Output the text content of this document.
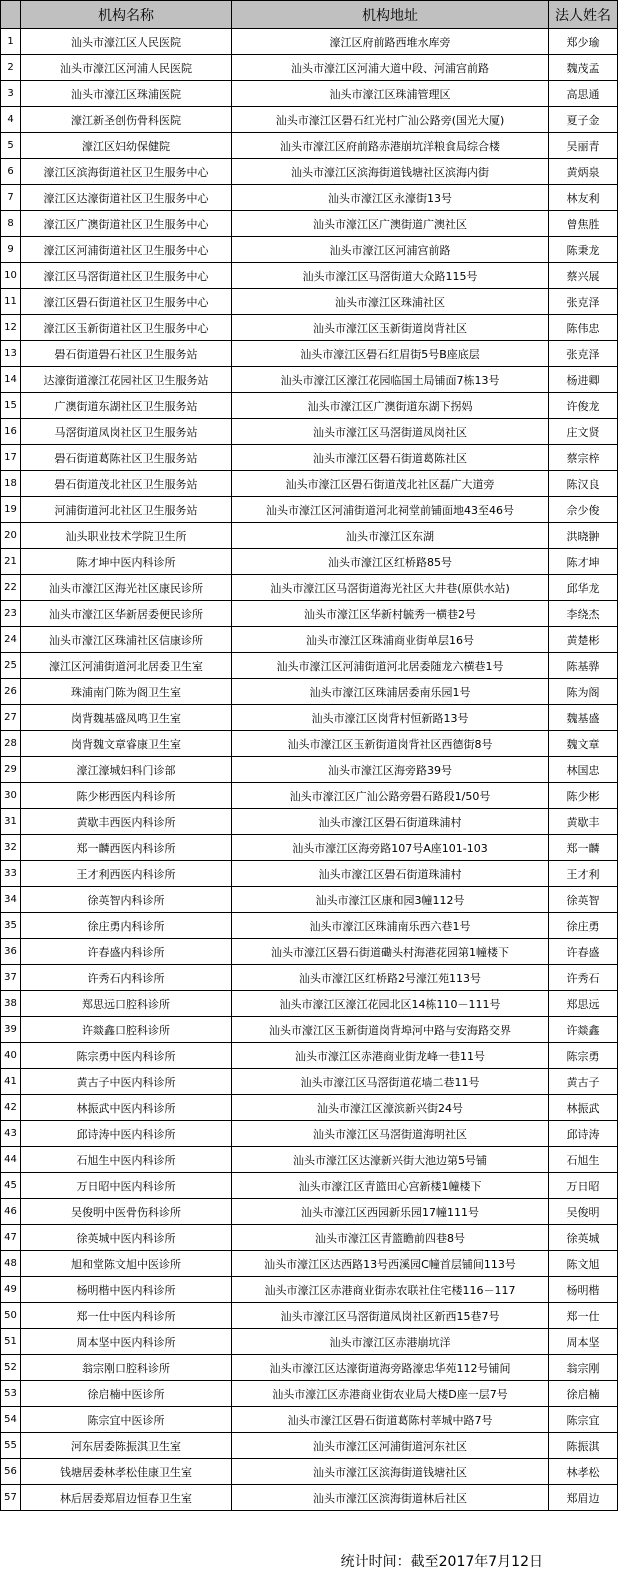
	机构名称	机构地址	法人姓名
1	汕头市濠江区人民医院	濠江区府前路西堆水库旁	郑少瑜
2	汕头市濠江区河浦人民医院	汕头市濠江区河浦大道中段、河浦宫前路	魏茂孟
3	汕头市濠江区珠浦医院	汕头市濠江区珠浦管理区	高思通
4	濠江新圣创伤骨科医院	汕头市濠江区礐石红光村广汕公路旁(国光大厦)	夏子金
5	濠江区妇幼保健院	汕头市濠江区府前路赤港崩坑洋粮食局综合楼	吴丽青
6	濠江区滨海街道社区卫生服务中心	汕头市濠江区滨海街道钱塘社区滨海内街	黄炳泉
7	濠江区达濠街道社区卫生服务中心	汕头市濠江区永濠街13号	林友利
8	濠江区广澳街道社区卫生服务中心	汕头市濠江区广澳街道广澳社区	曾焦胜
9	濠江区河浦街道社区卫生服务中心	汕头市濠江区河浦宫前路	陈秉龙
10	濠江区马滘街道社区卫生服务中心	汕头市濠江区马滘街道大众路115号	蔡兴展
11	濠江区礐石街道社区卫生服务中心	汕头市濠江区珠浦社区	张克泽
12	濠江区玉新街道社区卫生服务中心	汕头市濠江区玉新街道岗背社区	陈伟忠
13	礐石街道礐石社区卫生服务站	汕头市濠江区礐石红眉街5号B座底层	张克泽
14	达濠街道濠江花园社区卫生服务站	汕头市濠江区濠江花园临国土局铺面7栋13号	杨进卿
15	广澳街道东湖社区卫生服务站	汕头市濠江区广澳街道东湖下拐妈	许俊龙
16	马滘街道凤岗社区卫生服务站	汕头市濠江区马滘街道凤岗社区	庄文贤
17	礐石街道葛陈社区卫生服务站	汕头市濠江区礐石街道葛陈社区	蔡宗梓
18	礐石街道茂北社区卫生服务站	汕头市濠江区礐石街道茂北社区磊广大道旁	陈汉良
19	河浦街道河北社区卫生服务站	汕头市濠江区河浦街道河北祠堂前铺面地43至46号	佘少俊
20	汕头职业技术学院卫生所	汕头市濠江区东湖	洪晓翀
21	陈才坤中医内科诊所	汕头市濠江区红桥路85号	陈才坤
22	汕头市濠江区海光社区康民诊所	汕头市濠江区马滘街道海光社区大井巷(原供水站)	邱华龙
23	汕头市濠江区华新居委便民诊所	汕头市濠江区华新村毓秀一横巷2号	李绕杰
24	汕头市濠江区珠浦社区信康诊所	汕头市濠江区珠浦商业街单层16号	黄楚彬
25	濠江区河浦街道河北居委卫生室	汕头市濠江区河浦街道河北居委随龙六横巷1号	陈基骅
26	珠浦南门陈为阁卫生室	汕头市濠江区珠浦居委南乐园1号	陈为阁
27	岗背魏基盛凤鸣卫生室	汕头市濠江区岗背村恒新路13号	魏基盛
28	岗背魏文章睿康卫生室	汕头市濠江区玉新街道岗背社区西德街8号	魏文章
29	濠江濠城妇科门诊部	汕头市濠江区海旁路39号	林国忠
30	陈少彬西医内科诊所	汕头市濠江区广汕公路旁礐石路段1/50号	陈少彬
31	黄歇丰西医内科诊所	汕头市濠江区礐石街道珠浦村	黄歇丰
32	郑一麟西医内科诊所	汕头市濠江区海旁路107号A座101-103	郑一麟
33	王才利西医内科诊所	汕头市濠江区礐石街道珠浦村	王才利
34	徐英智内科诊所	汕头市濠江区康和园3幢112号	徐英智
35	徐庄勇内科诊所	汕头市濠江区珠浦南乐西六巷1号	徐庄勇
36	许春盛内科诊所	汕头市濠江区礐石街道磡头村海港花园第1幢楼下	许春盛
37	许秀石内科诊所	汕头市濠江区红桥路2号濠江苑113号	许秀石
38	郑思远口腔科诊所	汕头市濠江区濠江花园北区14栋110－111号	郑思远
39	许燚鑫口腔科诊所	汕头市濠江区玉新街道岗背埠河中路与安海路交界	许燚鑫
40	陈宗勇中医内科诊所	汕头市濠江区赤港商业街龙峰一巷11号	陈宗勇
41	黄古子中医内科诊所	汕头市濠江区马滘街道花墙二巷11号	黄古子
42	林振武中医内科诊所	汕头市濠江区濠滨新兴街24号	林振武
43	邱诗涛中医内科诊所	汕头市濠江区马滘街道海明社区	邱诗涛
44	石旭生中医内科诊所	汕头市濠江区达濠新兴街大池边第5号铺	石旭生
45	万日昭中医内科诊所	汕头市濠江区青篮田心宫新楼1幢楼下	万日昭
46	吴俊明中医骨伤科诊所	汕头市濠江区西园新乐园17幢111号	吴俊明
47	徐英城中医内科诊所	汕头市濠江区青篮瞻前四巷8号	徐英城
48	旭和堂陈文旭中医诊所	汕头市濠江区达西路13号西溪园C幢首层铺间113号	陈文旭
49	杨明楷中医内科诊所	汕头市濠江区赤港商业街赤农联社住宅楼116－117	杨明楷
50	郑一仕中医内科诊所	汕头市濠江区马滘街道凤岗社区新西15巷7号	郑一仕
51	周本坚中医内科诊所	汕头市濠江区赤港崩坑洋	周本坚
52	翁宗刚口腔科诊所	汕头市濠江区达濠街道海旁路濠忠华苑112号铺间	翁宗刚
53	徐启楠中医诊所	汕头市濠江区赤港商业街农业局大楼D座一层7号	徐启楠
54	陈宗宜中医诊所	汕头市濠江区礐石街道葛陈村莘城中路7号	陈宗宜
55	河东居委陈振淇卫生室	汕头市濠江区河浦街道河东社区	陈振淇
56	钱塘居委林孝松佳康卫生室	汕头市濠江区滨海街道钱塘社区	林孝松
57	林后居委郑眉边恒春卫生室	汕头市濠江区滨海街道林后社区	郑眉边
统计时间：截至2017年7月12日
